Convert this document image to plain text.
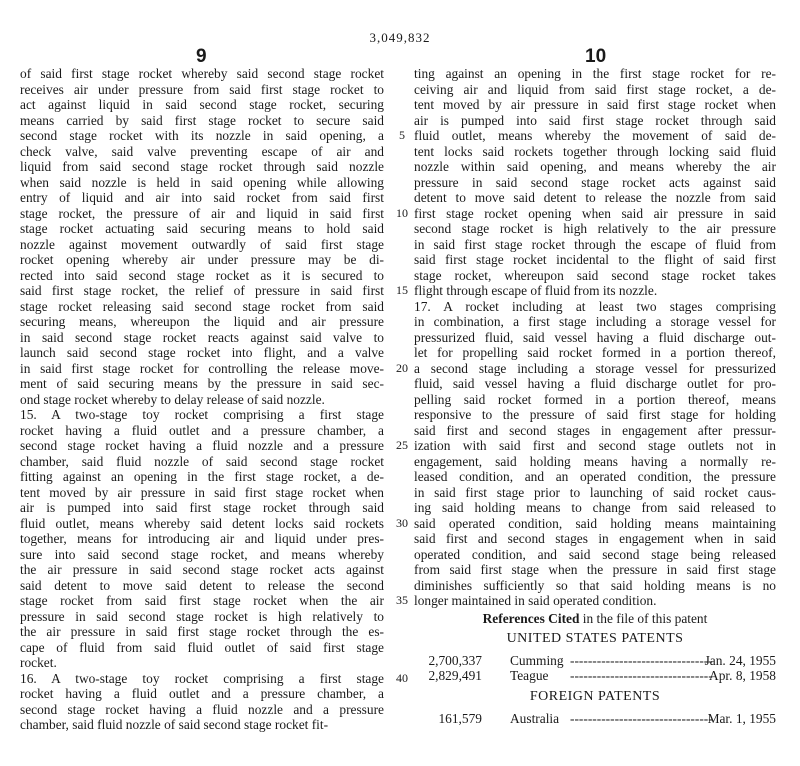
3,049,832
9	10
of said first stage rocket whereby said second stage rocket
receives air under pressure from said first stage rocket to
act against liquid in said second stage rocket, securing
means carried by said first stage rocket to secure said
second stage rocket with its nozzle in said opening, a
check valve, said valve preventing escape of air and
liquid from said second stage rocket through said nozzle
when said nozzle is held in said opening while allowing
entry of liquid and air into said rocket from said first
stage rocket, the pressure of air and liquid in said first
stage rocket actuating said securing means to hold said
nozzle against movement outwardly of said first stage
rocket opening whereby air under pressure may be di-
rected into said second stage rocket as it is secured to
said first stage rocket, the relief of pressure in said first
stage rocket releasing said second stage rocket from said
securing means, whereupon the liquid and air pressure
in said second stage rocket reacts against said valve to
launch said second stage rocket into flight, and a valve
in said first stage rocket for controlling the release move-
ment of said securing means by the pressure in said sec-
ond stage rocket whereby to delay release of said nozzle.
15. A two-stage toy rocket comprising a first stage
rocket having a fluid outlet and a pressure chamber, a
second stage rocket having a fluid nozzle and a pressure
chamber, said fluid nozzle of said second stage rocket
fitting against an opening in the first stage rocket, a de-
tent moved by air pressure in said first stage rocket when
air is pumped into said first stage rocket through said
fluid outlet, means whereby said detent locks said rockets
together, means for introducing air and liquid under pres-
sure into said second stage rocket, and means whereby
the air pressure in said second stage rocket acts against
said detent to move said detent to release the second
stage rocket from said first stage rocket when the air
pressure in said second stage rocket is high relatively to
the air pressure in said first stage rocket through the es-
cape of fluid from said fluid outlet of said first stage
rocket.
16. A two-stage toy rocket comprising a first stage
rocket having a fluid outlet and a pressure chamber, a
second stage rocket having a fluid nozzle and a pressure
chamber, said fluid nozzle of said second stage rocket fit-
ting against an opening in the first stage rocket for re-
ceiving air and liquid from said first stage rocket, a de-
tent moved by air pressure in said first stage rocket when
air is pumped into said first stage rocket through said
fluid outlet, means whereby the movement of said de-
tent locks said rockets together through locking said fluid
nozzle within said opening, and means whereby the air
pressure in said second stage rocket acts against said
detent to move said detent to release the nozzle from said
first stage rocket opening when said air pressure in said
second stage rocket is high relatively to the air pressure
in said first stage rocket through the escape of fluid from
said first stage rocket incidental to the flight of said first
stage rocket, whereupon said second stage rocket takes
flight through escape of fluid from its nozzle.
17. A rocket including at least two stages comprising
in combination, a first stage including a storage vessel for
pressurized fluid, said vessel having a fluid discharge out-
let for propelling said rocket formed in a portion thereof,
a second stage including a storage vessel for pressurized
fluid, said vessel having a fluid discharge outlet for pro-
pelling said rocket formed in a portion thereof, means
responsive to the pressure of said first stage for holding
said first and second stages in engagement after pressur-
ization with said first and second stage outlets not in
engagement, said holding means having a normally re-
leased condition, and an operated condition, the pressure
in said first stage prior to launching of said rocket caus-
ing said holding means to change from said released to
said operated condition, said holding means maintaining
said first and second stages in engagement when in said
operated condition, and said second stage being released
from said first stage when the pressure in said first stage
diminishes sufficiently so that said holding means is no
longer maintained in said operated condition.
5
10
15
20
25
30
35
40
References Cited in the file of this patent
UNITED STATES PATENTS
2,700,337 Cumming --------------------------------
Jan. 24, 1955
2,829,491 Teague --------------------------------
Apr. 8, 1958
FOREIGN PATENTS
161,579 Australia --------------------------------
Mar. 1, 1955
